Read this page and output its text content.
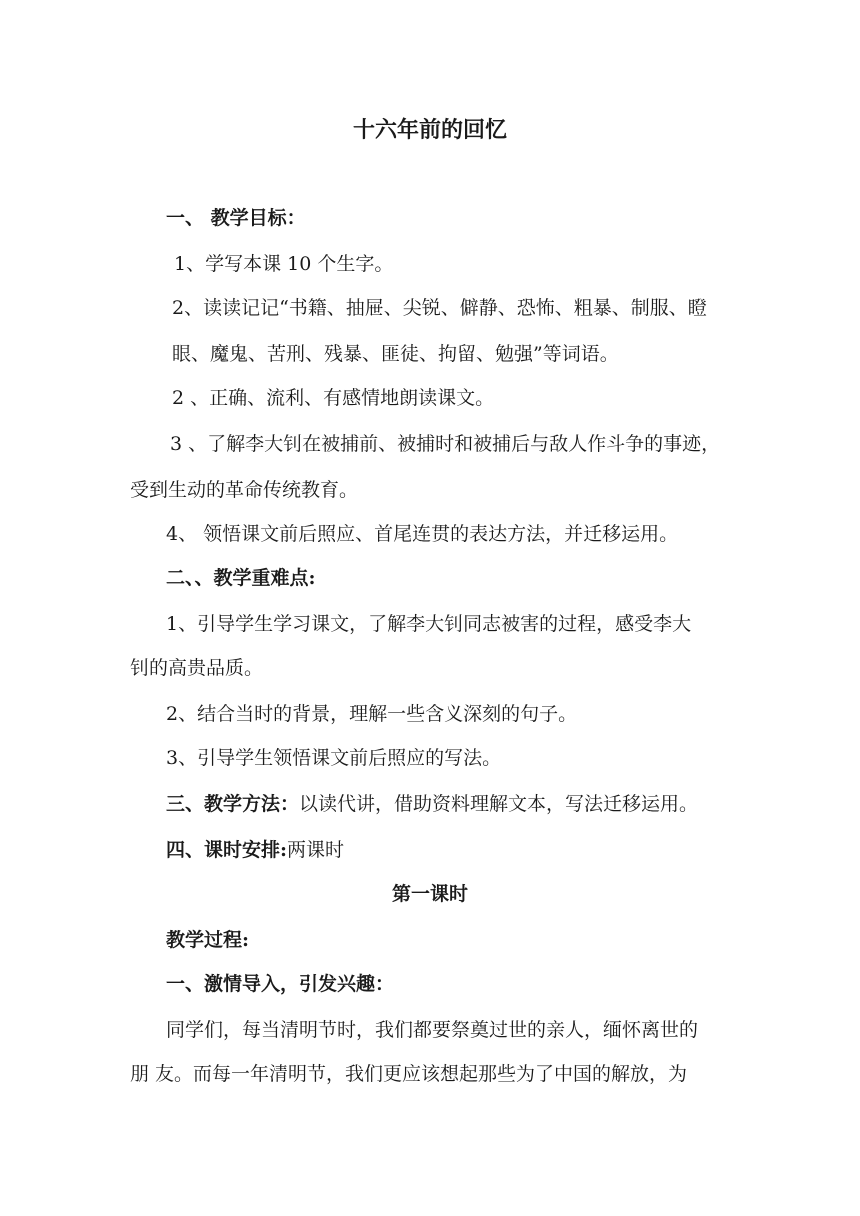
十六年前的回忆
一、 教学目标：
1、学写本课 10 个生字。
2、读读记记“书籍、抽屉、尖锐、僻静、恐怖、粗暴、制服、瞪
眼、魔鬼、苦刑、残暴、匪徒、拘留、勉强”等词语。
2 、正确、流利、有感情地朗读课文。
3 、了解李大钊在被捕前、被捕时和被捕后与敌人作斗争的事迹，
受到生动的革命传统教育。
4、 领悟课文前后照应、首尾连贯的表达方法，并迁移运用。
二、、教学重难点:
1、引导学生学习课文，了解李大钊同志被害的过程，感受李大
钊的高贵品质。
2、结合当时的背景，理解一些含义深刻的句子。
3、引导学生领悟课文前后照应的写法。
三、教学方法：以读代讲，借助资料理解文本，写法迁移运用。
四、课时安排:两课时
第一课时
教学过程:
一、激情导入，引发兴趣：
同学们，每当清明节时，我们都要祭奠过世的亲人，缅怀离世的
朋 友。而每一年清明节，我们更应该想起那些为了中国的解放，为
